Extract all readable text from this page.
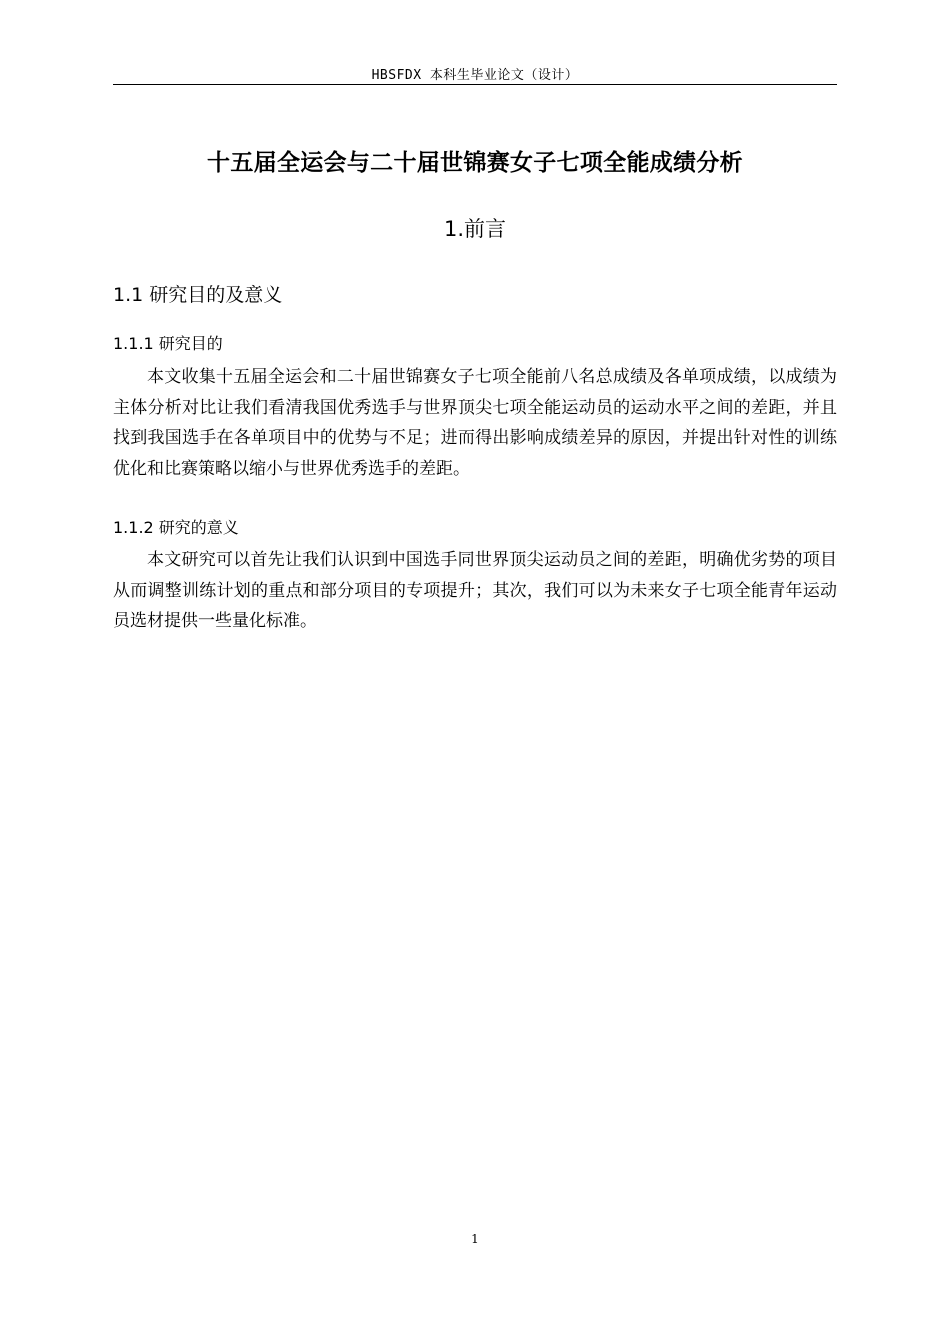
HBSFDX 本科生毕业论文（设计）
十五届全运会与二十届世锦赛女子七项全能成绩分析
1.前言
1.1 研究目的及意义
1.1.1 研究目的

本文收集十五届全运会和二十届世锦赛女子七项全能前八名总成绩及各单项成绩，以成绩为主体分析对比让我们看清我国优秀选手与世界顶尖七项全能运动员的运动水平之间的差距，并且找到我国选手在各单项目中的优势与不足；进而得出影响成绩差异的原因，并提出针对性的训练优化和比赛策略以缩小与世界优秀选手的差距。

1.1.2 研究的意义

本文研究可以首先让我们认识到中国选手同世界顶尖运动员之间的差距，明确优劣势的项目从而调整训练计划的重点和部分项目的专项提升；其次，我们可以为未来女子七项全能青年运动员选材提供一些量化标准。

1
